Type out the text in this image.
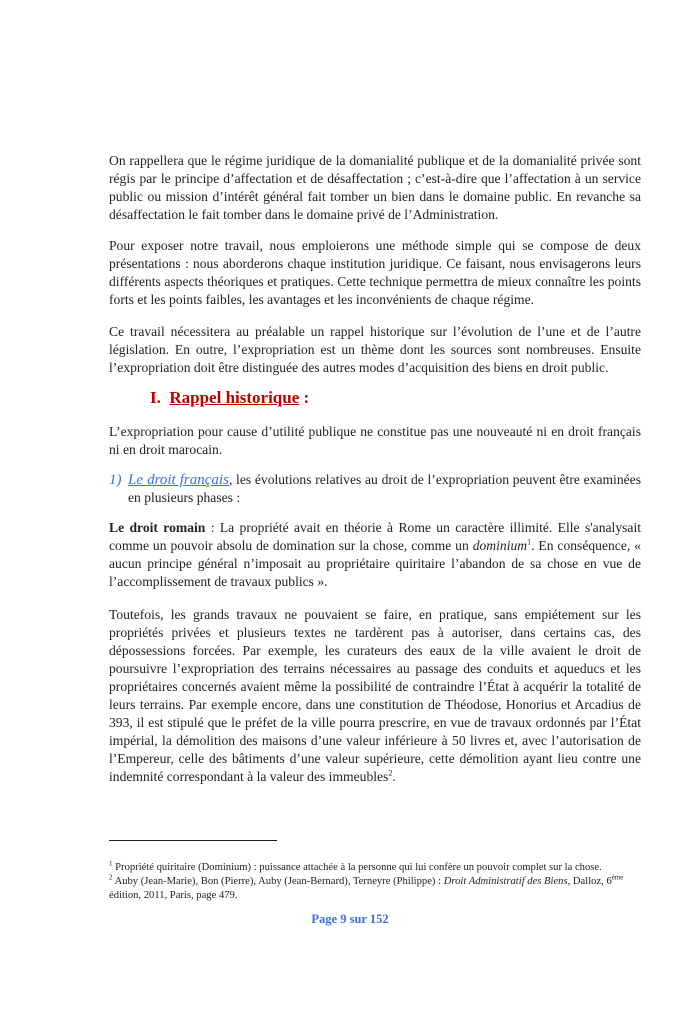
On rappellera que le régime juridique de la domanialité publique et de la domanialité privée sont régis par le principe d’affectation et de désaffectation ; c’est-à-dire que l’affectation à un service public ou mission d’intérêt général fait tomber un bien dans le domaine public. En revanche sa désaffectation le fait tomber dans le domaine privé de l’Administration.

Pour exposer notre travail, nous emploierons une méthode simple qui se compose de deux présentations : nous aborderons chaque institution juridique. Ce faisant, nous envisagerons leurs différents aspects théoriques et pratiques. Cette technique permettra de mieux connaître les points forts et les points faibles, les avantages et les inconvénients de chaque régime.

Ce travail nécessitera au préalable un rappel historique sur l’évolution de l’une et de l’autre législation. En outre, l’expropriation est un thème dont les sources sont nombreuses. Ensuite l’expropriation doit être distinguée des autres modes d’acquisition des biens en droit public.

I. Rappel historique :

L’expropriation pour cause d’utilité publique ne constitue pas une nouveauté ni en droit français ni en droit marocain.

1) Le droit français, les évolutions relatives au droit de l’expropriation peuvent être examinées en plusieurs phases :

Le droit romain : La propriété avait en théorie à Rome un caractère illimité. Elle s'analysait comme un pouvoir absolu de domination sur la chose, comme un dominium$^1$. En conséquence, « aucun principe général n’imposait au propriétaire quiritaire l’abandon de sa chose en vue de l’accomplissement de travaux publics ».

Toutefois, les grands travaux ne pouvaient se faire, en pratique, sans empiétement sur les propriétés privées et plusieurs textes ne tardèrent pas à autoriser, dans certains cas, des dépossessions forcées. Par exemple, les curateurs des eaux de la ville avaient le droit de poursuivre l’expropriation des terrains nécessaires au passage des conduits et aqueducs et les propriétaires concernés avaient même la possibilité de contraindre l’État à acquérir la totalité de leurs terrains. Par exemple encore, dans une constitution de Théodose, Honorius et Arcadius de 393, il est stipulé que le préfet de la ville pourra prescrire, en vue de travaux ordonnés par l’État impérial, la démolition des maisons d’une valeur inférieure à 50 livres et, avec l’autorisation de l’Empereur, celle des bâtiments d’une valeur supérieure, cette démolition ayant lieu contre une indemnité correspondant à la valeur des immeubles$^2$.

$^1$ Propriété quiritaire (Dominium) : puissance attachée à la personne qui lui confère un pouvoir complet sur la chose.
$^2$ Auby (Jean-Marie), Bon (Pierre), Auby (Jean-Bernard), Terneyre (Philippe) : Droit Administratif des Biens, Dalloz, 6ème édition, 2011, Paris, page 479.
Page 9 sur 152
